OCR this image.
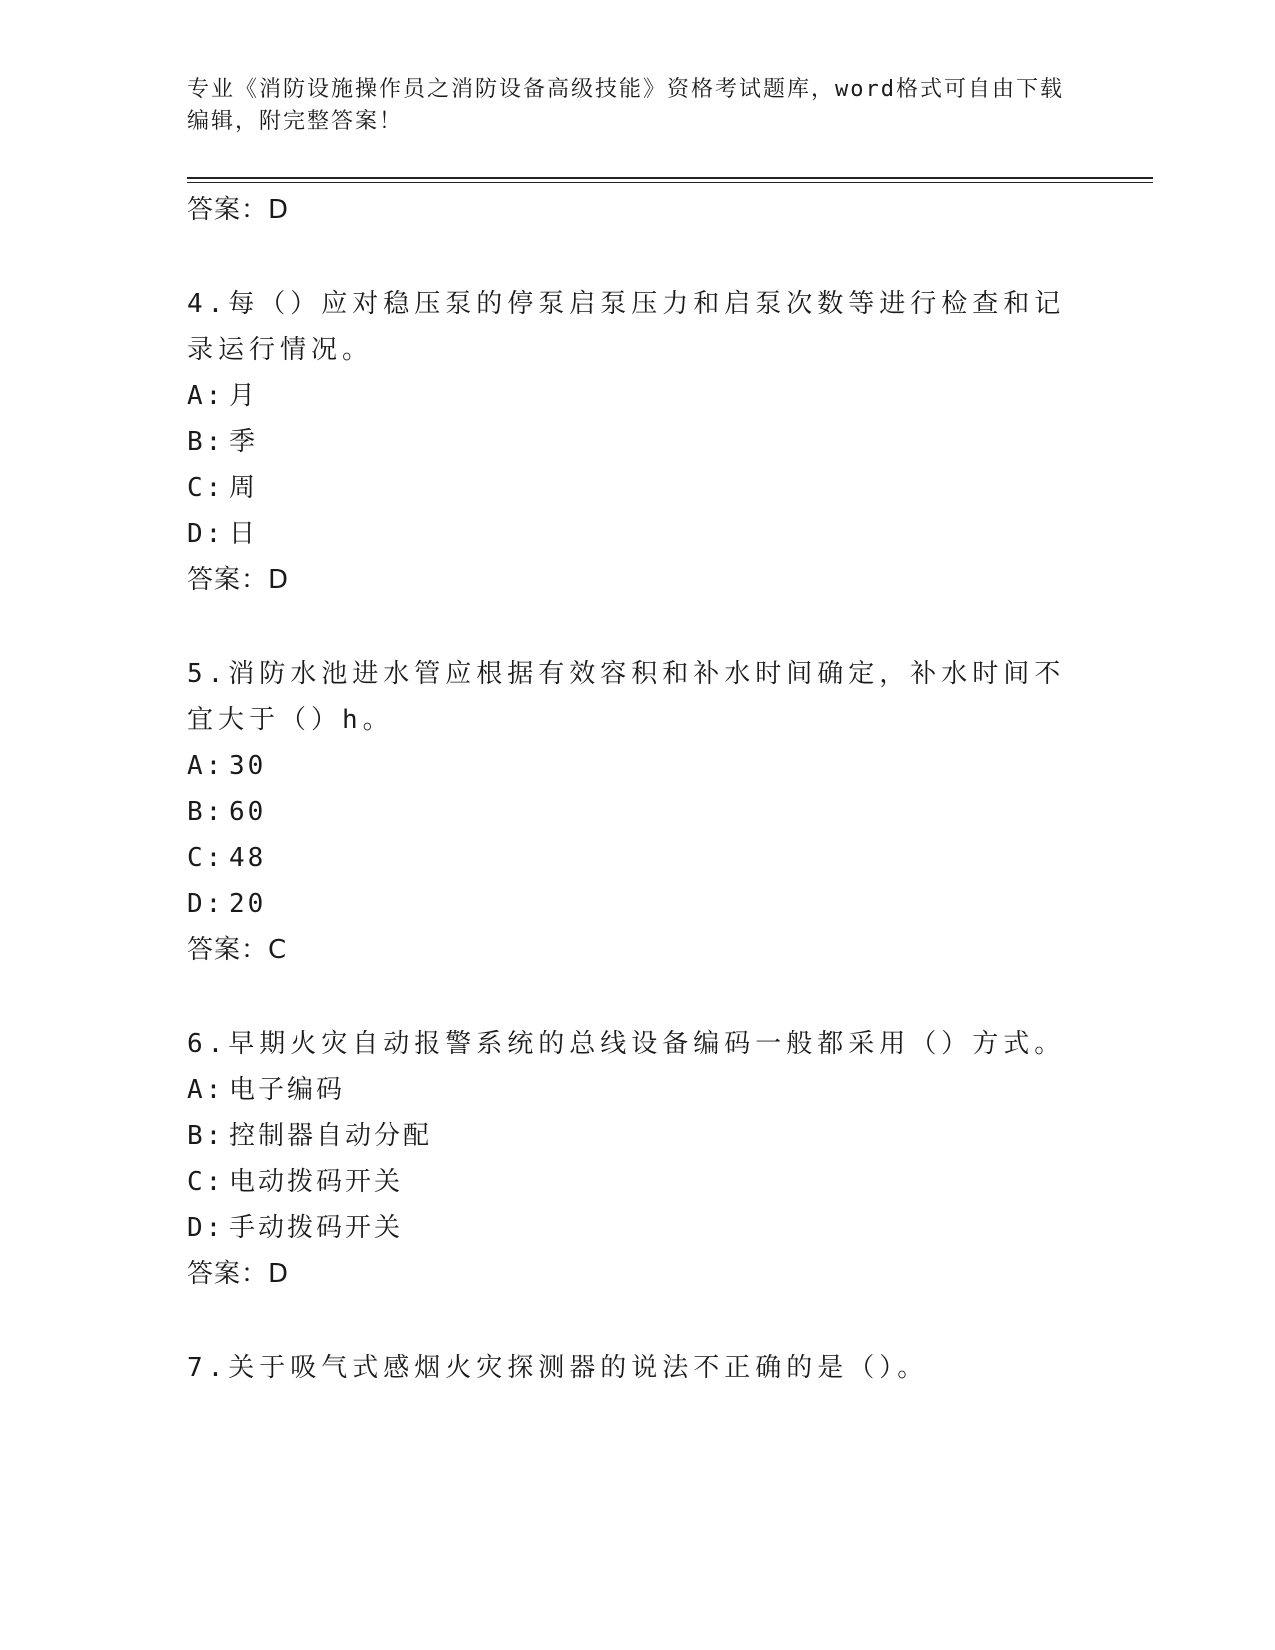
专业《消防设施操作员之消防设备高级技能》资格考试题库，word格式可自由下载编辑，附完整答案！
答案：D
4.每（）应对稳压泵的停泵启泵压力和启泵次数等进行检查和记录运行情况。
A: 月
B: 季
C: 周
D: 日
答案：D
5.消防水池进水管应根据有效容积和补水时间确定，补水时间不宜大于（）h。
A: 30
B: 60
C: 48
D: 20
答案：C
6.早期火灾自动报警系统的总线设备编码一般都采用（）方式。
A: 电子编码
B: 控制器自动分配
C: 电动拨码开关
D: 手动拨码开关
答案：D
7.关于吸气式感烟火灾探测器的说法不正确的是（）。
